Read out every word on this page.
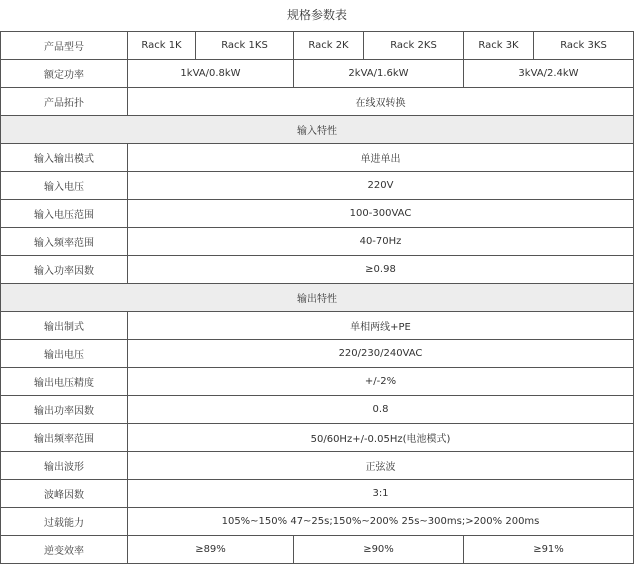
规格参数表
产品型号	Rack 1K	Rack 1KS	Rack 2K	Rack 2KS	Rack 3K	Rack 3KS
额定功率	1kVA/0.8kW		2kVA/1.6kW		3kVA/2.4kW	
产品拓扑	在线双转换					
输入特性						
输入输出模式	单进单出					
输入电压	220V					
输入电压范围	100-300VAC					
输入频率范围	40-70Hz					
输入功率因数	≥0.98					
输出特性						
输出制式	单相两线+PE					
输出电压	220/230/240VAC					
输出电压精度	+/-2%					
输出功率因数	0.8					
输出频率范围	50/60Hz+/-0.05Hz(电池模式)					
输出波形	正弦波					
波峰因数	3:1					
过载能力	105%~150% 47~25s;150%~200% 25s~300ms;>200% 200ms					
逆变效率	≥89%		≥90%		≥91%	
